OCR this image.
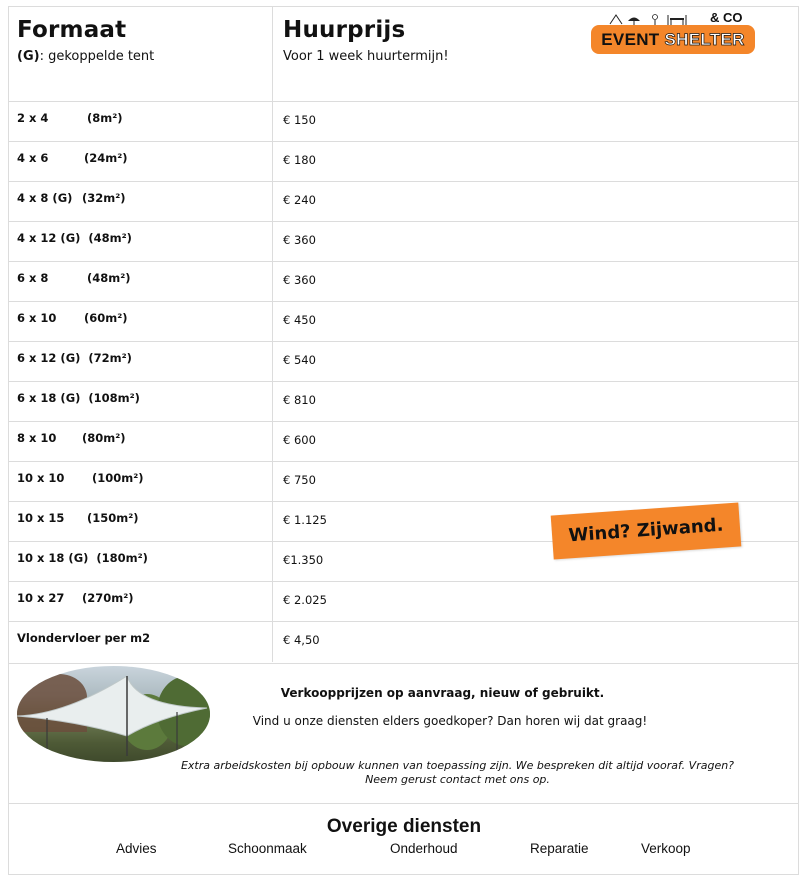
Formaat
(G): gekoppelde tent
Huurprijs
Voor 1 week huurtermijn!
& CO
EVENT SHELTER
2 x 4	(8m²)	€ 150
4 x 6	(24m²)	€ 180
4 x 8 (G) (32m²)	€ 240
4 x 12 (G) (48m²)	€ 360
6 x 8	(48m²)	€ 360
6 x 10 (60m²)	€ 450
6 x 12 (G) (72m²)	€ 540
6 x 18 (G) (108m²)	€ 810
8 x 10 (80m²)	€ 600
10 x 10 (100m²)	€ 750
10 x 15 (150m²)	€ 1.125
10 x 18 (G) (180m²)	€1.350
10 x 27 (270m²)	€ 2.025
Vlondervloer per m2	€ 4,50
Wind? Zijwand.
Verkoopprijzen op aanvraag, nieuw of gebruikt.
Vind u onze diensten elders goedkoper? Dan horen wij dat graag!
Extra arbeidskosten bij opbouw kunnen van toepassing zijn. We bespreken dit altijd vooraf. Vragen?
Neem gerust contact met ons op.
Overige diensten
Advies	Schoonmaak	Onderhoud	Reparatie	Verkoop
